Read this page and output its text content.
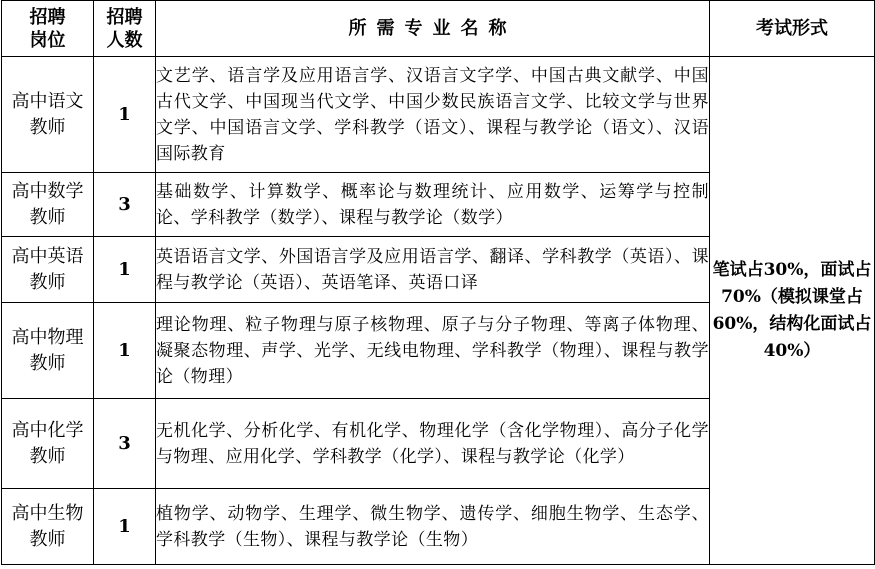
招聘岗位	招聘人数	所需专业名称	考试形式

高中语文教师	1	文艺学、语言学及应用语言学、汉语言文字学、中国古典文献学、中国古代文学、中国现当代文学、中国少数民族语言文学、比较文学与世界文学、中国语言文学、学科教学（语文）、课程与教学论（语文）、汉语国际教育	笔试占30%，面试占70%（模拟课堂占60%，结构化面试占40%）

高中数学教师	3	基础数学、计算数学、概率论与数理统计、应用数学、运筹学与控制论、学科教学（数学）、课程与教学论（数学）	

高中英语教师	1	英语语言文学、外国语言学及应用语言学、翻译、学科教学（英语）、课程与教学论（英语）、英语笔译、英语口译	

高中物理教师	1	理论物理、粒子物理与原子核物理、原子与分子物理、等离子体物理、凝聚态物理、声学、光学、无线电物理、学科教学（物理）、课程与教学论（物理）	

高中化学教师	3	无机化学、分析化学、有机化学、物理化学（含化学物理）、高分子化学与物理、应用化学、学科教学（化学）、课程与教学论（化学）	

高中生物教师	1	植物学、动物学、生理学、微生物学、遗传学、细胞生物学、生态学、学科教学（生物）、课程与教学论（生物）	
